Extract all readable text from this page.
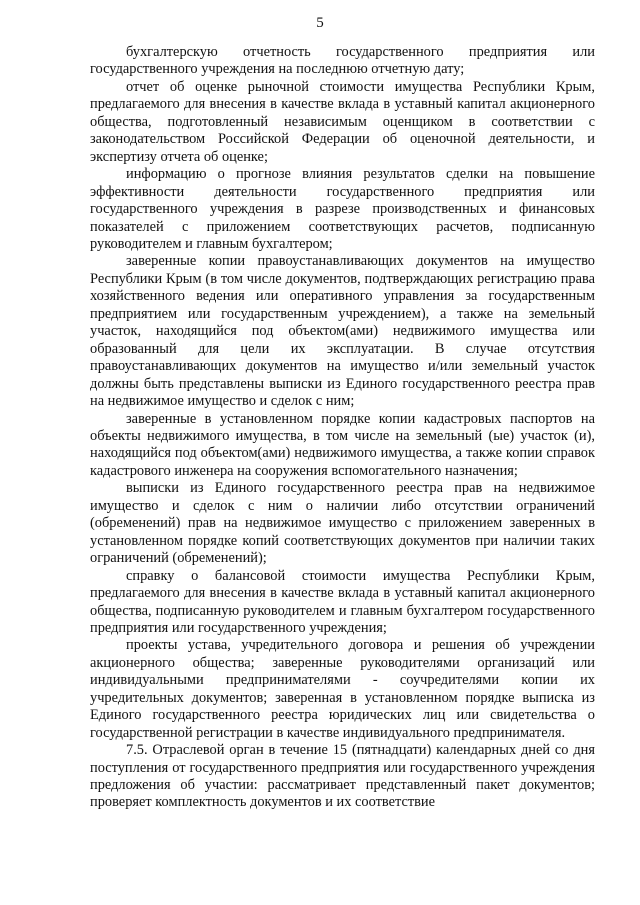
5

бухгалтерскую отчетность государственного предприятия или государственного учреждения на последнюю отчетную дату;

отчет об оценке рыночной стоимости имущества Республики Крым, предлагаемого для внесения в качестве вклада в уставный капитал акционерного общества, подготовленный независимым оценщиком в соответствии с законодательством Российской Федерации об оценочной деятельности, и экспертизу отчета об оценке;

информацию о прогнозе влияния результатов сделки на повышение эффективности деятельности государственного предприятия или государственного учреждения в разрезе производственных и финансовых показателей с приложением соответствующих расчетов, подписанную руководителем и главным бухгалтером;

заверенные копии правоустанавливающих документов на имущество Республики Крым (в том числе документов, подтверждающих регистрацию права хозяйственного ведения или оперативного управления за государственным предприятием или государственным учреждением), а также на земельный участок, находящийся под объектом(ами) недвижимого имущества или образованный для цели их эксплуатации. В случае отсутствия правоустанавливающих документов на имущество и/или земельный участок должны быть представлены выписки из Единого государственного реестра прав на недвижимое имущество и сделок с ним;

заверенные в установленном порядке копии кадастровых паспортов на объекты недвижимого имущества, в том числе на земельный (ые) участок (и), находящийся под объектом(ами) недвижимого имущества, а также копии справок кадастрового инженера на сооружения вспомогательного назначения;

выписки из Единого государственного реестра прав на недвижимое имущество и сделок с ним о наличии либо отсутствии ограничений (обременений) прав на недвижимое имущество с приложением заверенных в установленном порядке копий соответствующих документов при наличии таких ограничений (обременений);

справку о балансовой стоимости имущества Республики Крым, предлагаемого для внесения в качестве вклада в уставный капитал акционерного общества, подписанную руководителем и главным бухгалтером государственного предприятия или государственного учреждения;

проекты устава, учредительного договора и решения об учреждении акционерного общества; заверенные руководителями организаций или индивидуальными предпринимателями - соучредителями копии их учредительных документов; заверенная в установленном порядке выписка из Единого государственного реестра юридических лиц или свидетельства о государственной регистрации в качестве индивидуального предпринимателя.

7.5. Отраслевой орган в течение 15 (пятнадцати) календарных дней со дня поступления от государственного предприятия или государственного учреждения предложения об участии: рассматривает представленный пакет документов; проверяет комплектность документов и их соответствие
